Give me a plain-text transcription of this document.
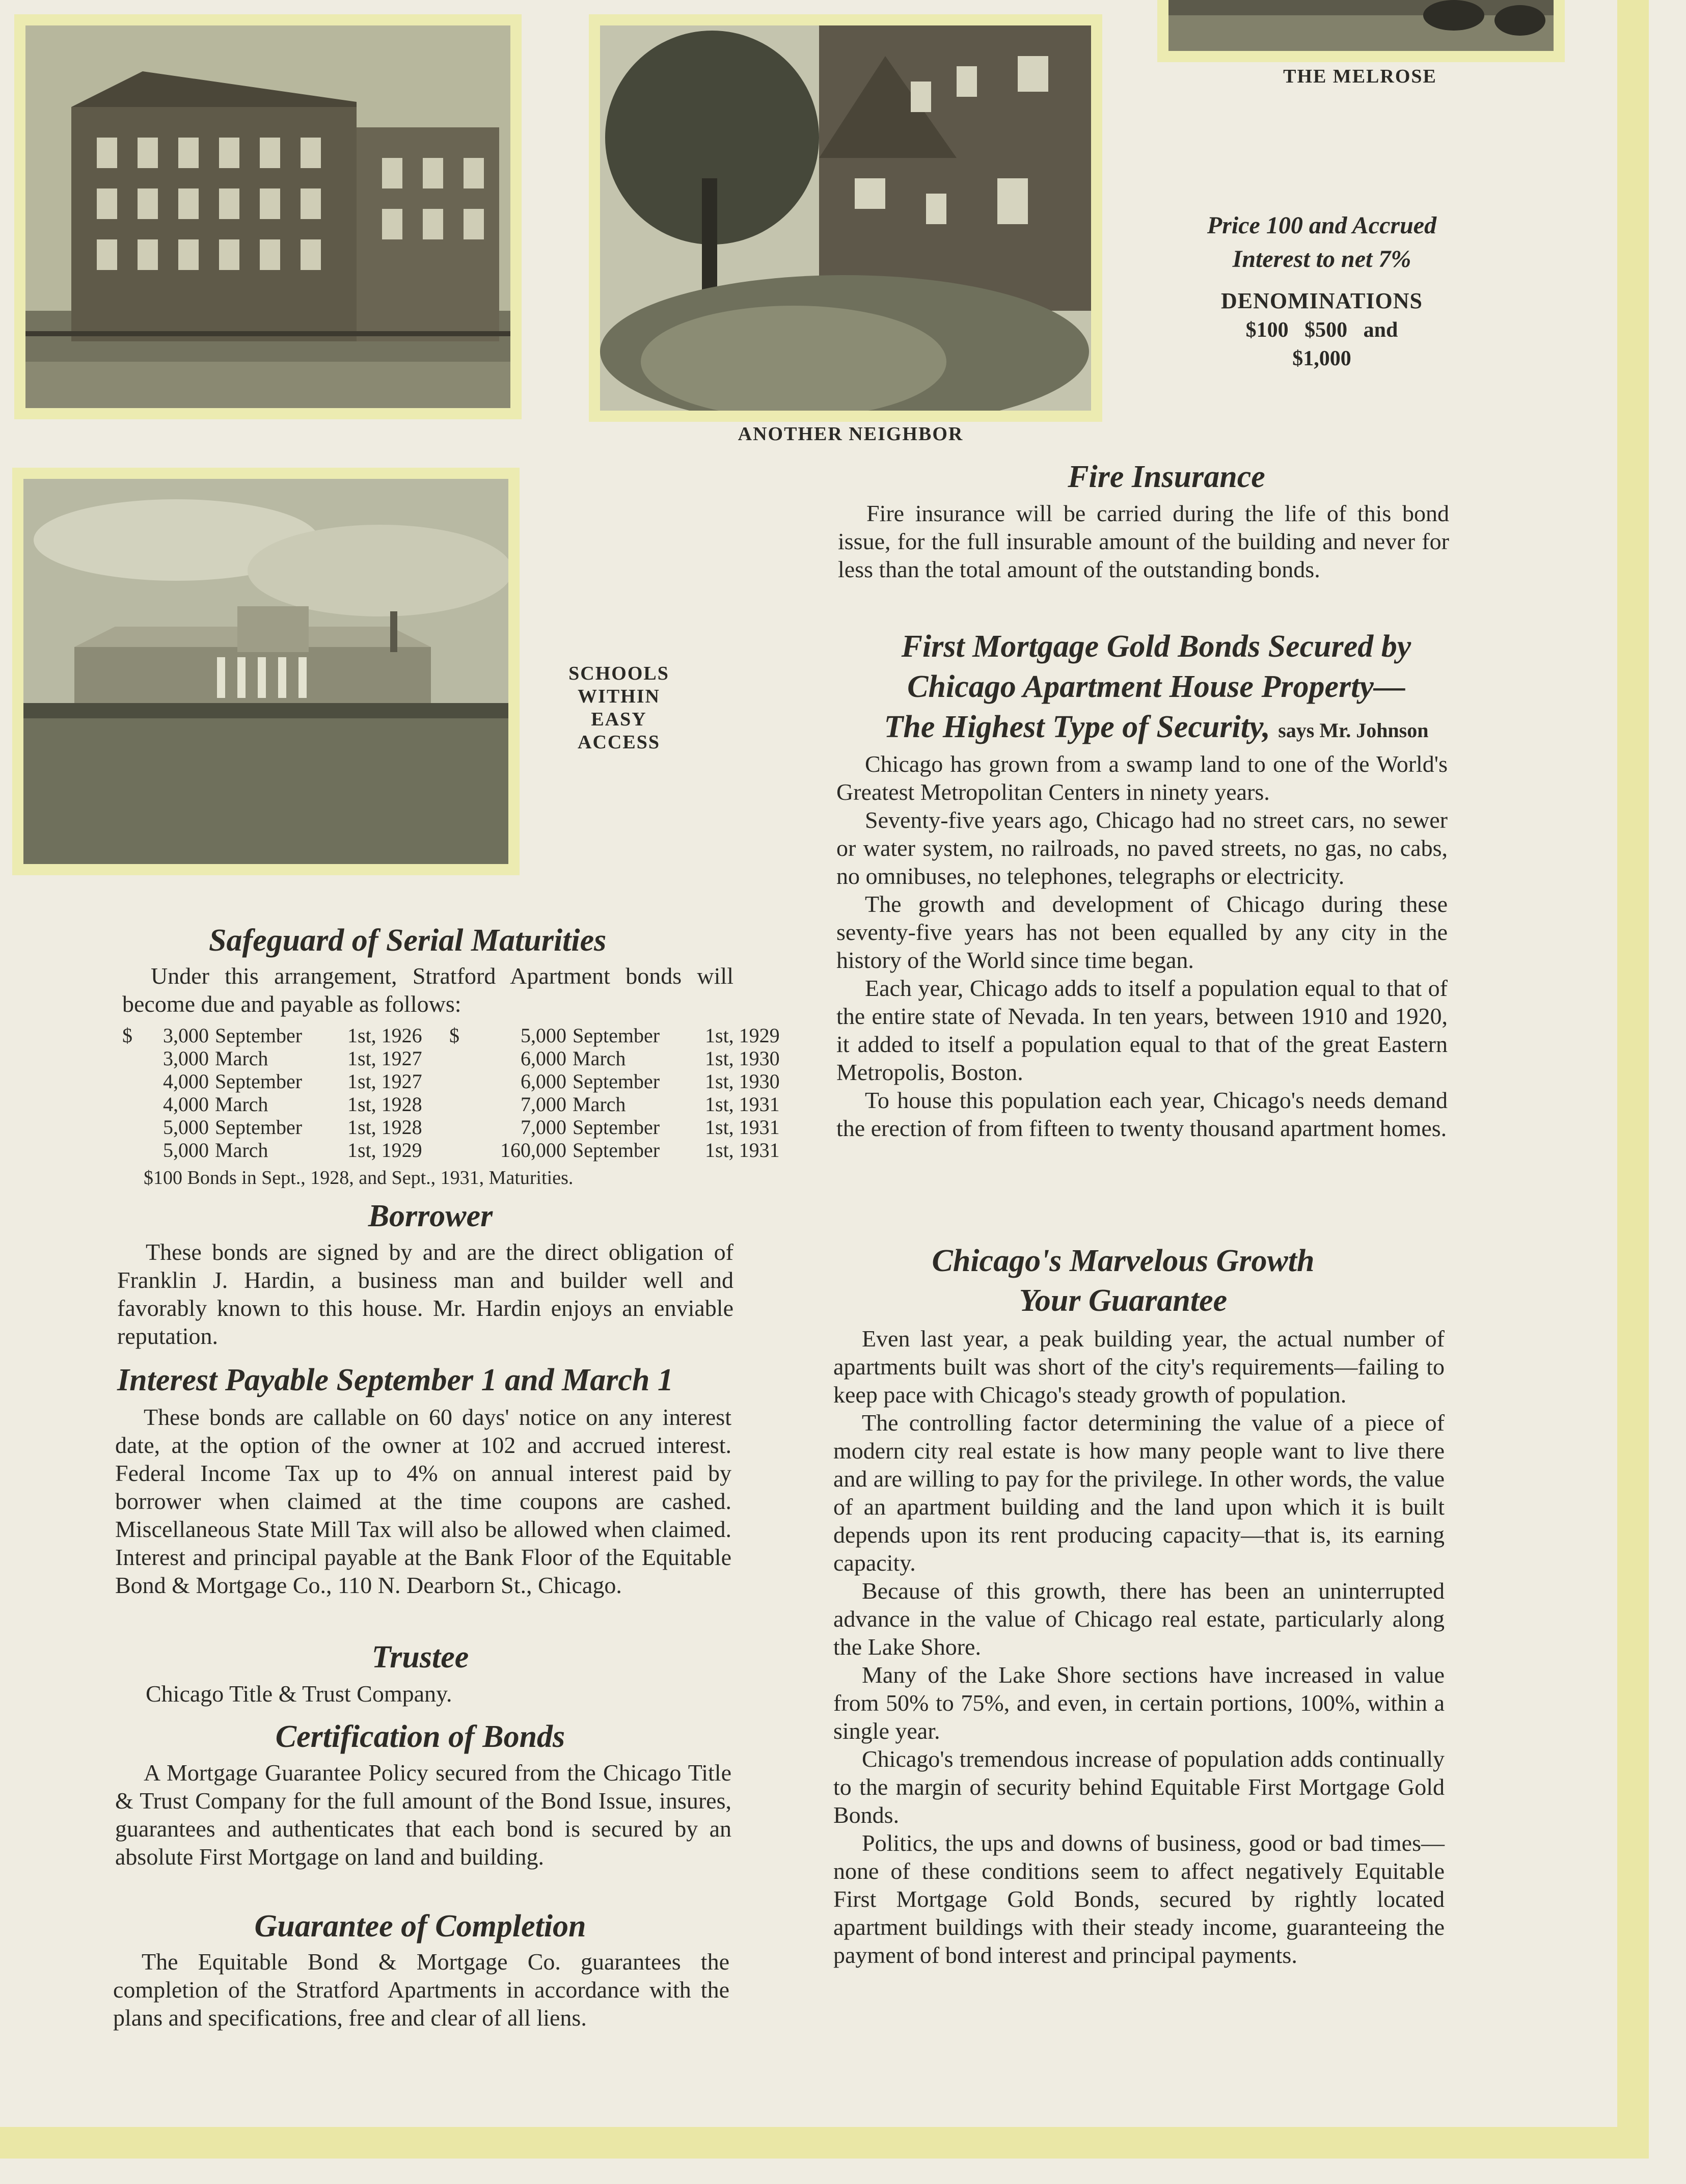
THE MELROSE
ANOTHER NEIGHBOR
SCHOOLS
WITHIN
EASY
ACCESS
Price 100 and Accrued
Interest to net 7%
DENOMINATIONS
$100   $500   and
$1,000
Fire Insurance

Fire insurance will be carried during the life of this bond issue, for the full insurable amount of the building and never for less than the total amount of the outstanding bonds.

First Mortgage Gold Bonds Secured by
Chicago Apartment House Property—
The Highest Type of Security, says Mr. Johnson

Chicago has grown from a swamp land to one of the World's Greatest Metropolitan Centers in ninety years.

Seventy-five years ago, Chicago had no street cars, no sewer or water system, no railroads, no paved streets, no gas, no cabs, no omnibuses, no telephones, telegraphs or electricity.

The growth and development of Chicago during these seventy-five years has not been equalled by any city in the history of the World since time began.

Each year, Chicago adds to itself a population equal to that of the entire state of Nevada. In ten years, between 1910 and 1920, it added to itself a population equal to that of the great Eastern Metropolis, Boston.

To house this population each year, Chicago's needs demand the erection of from fifteen to twenty thousand apartment homes.

Chicago's Marvelous Growth
Your Guarantee

Even last year, a peak building year, the actual number of apartments built was short of the city's requirements—failing to keep pace with Chicago's steady growth of population.

The controlling factor determining the value of a piece of modern city real estate is how many people want to live there and are willing to pay for the privilege. In other words, the value of an apartment building and the land upon which it is built depends upon its rent producing capacity—that is, its earning capacity.

Because of this growth, there has been an uninterrupted advance in the value of Chicago real estate, particularly along the Lake Shore.

Many of the Lake Shore sections have increased in value from 50% to 75%, and even, in certain portions, 100%, within a single year.

Chicago's tremendous increase of population adds continually to the margin of security behind Equitable First Mortgage Gold Bonds.

Politics, the ups and downs of business, good or bad times—none of these conditions seem to affect negatively Equitable First Mortgage Gold Bonds, secured by rightly located apartment buildings with their steady income, guaranteeing the payment of bond interest and principal payments.

Safeguard of Serial Maturities

Under this arrangement, Stratford Apartment bonds will become due and payable as follows:

$	3,000 September	1st, 1926	$	5,000 September	1st, 1929
3,000 March	1st, 1927	6,000 March	1st, 1930
4,000 September	1st, 1927	6,000 September	1st, 1930
4,000 March	1st, 1928	7,000 March	1st, 1931
5,000 September	1st, 1928	7,000 September	1st, 1931
5,000 March	1st, 1929	160,000 September	1st, 1931
$100 Bonds in Sept., 1928, and Sept., 1931, Maturities.
Borrower

These bonds are signed by and are the direct obligation of Franklin J. Hardin, a business man and builder well and favorably known to this house. Mr. Hardin enjoys an enviable reputation.

Interest Payable September 1 and March 1

These bonds are callable on 60 days' notice on any interest date, at the option of the owner at 102 and accrued interest. Federal Income Tax up to 4% on annual interest paid by borrower when claimed at the time coupons are cashed. Miscellaneous State Mill Tax will also be allowed when claimed. Interest and principal payable at the Bank Floor of the Equitable Bond & Mortgage Co., 110 N. Dearborn St., Chicago.

Trustee

Chicago Title & Trust Company.

Certification of Bonds

A Mortgage Guarantee Policy secured from the Chicago Title & Trust Company for the full amount of the Bond Issue, insures, guarantees and authenticates that each bond is secured by an absolute First Mortgage on land and building.

Guarantee of Completion

The Equitable Bond & Mortgage Co. guarantees the completion of the Stratford Apartments in accordance with the plans and specifications, free and clear of all liens.
